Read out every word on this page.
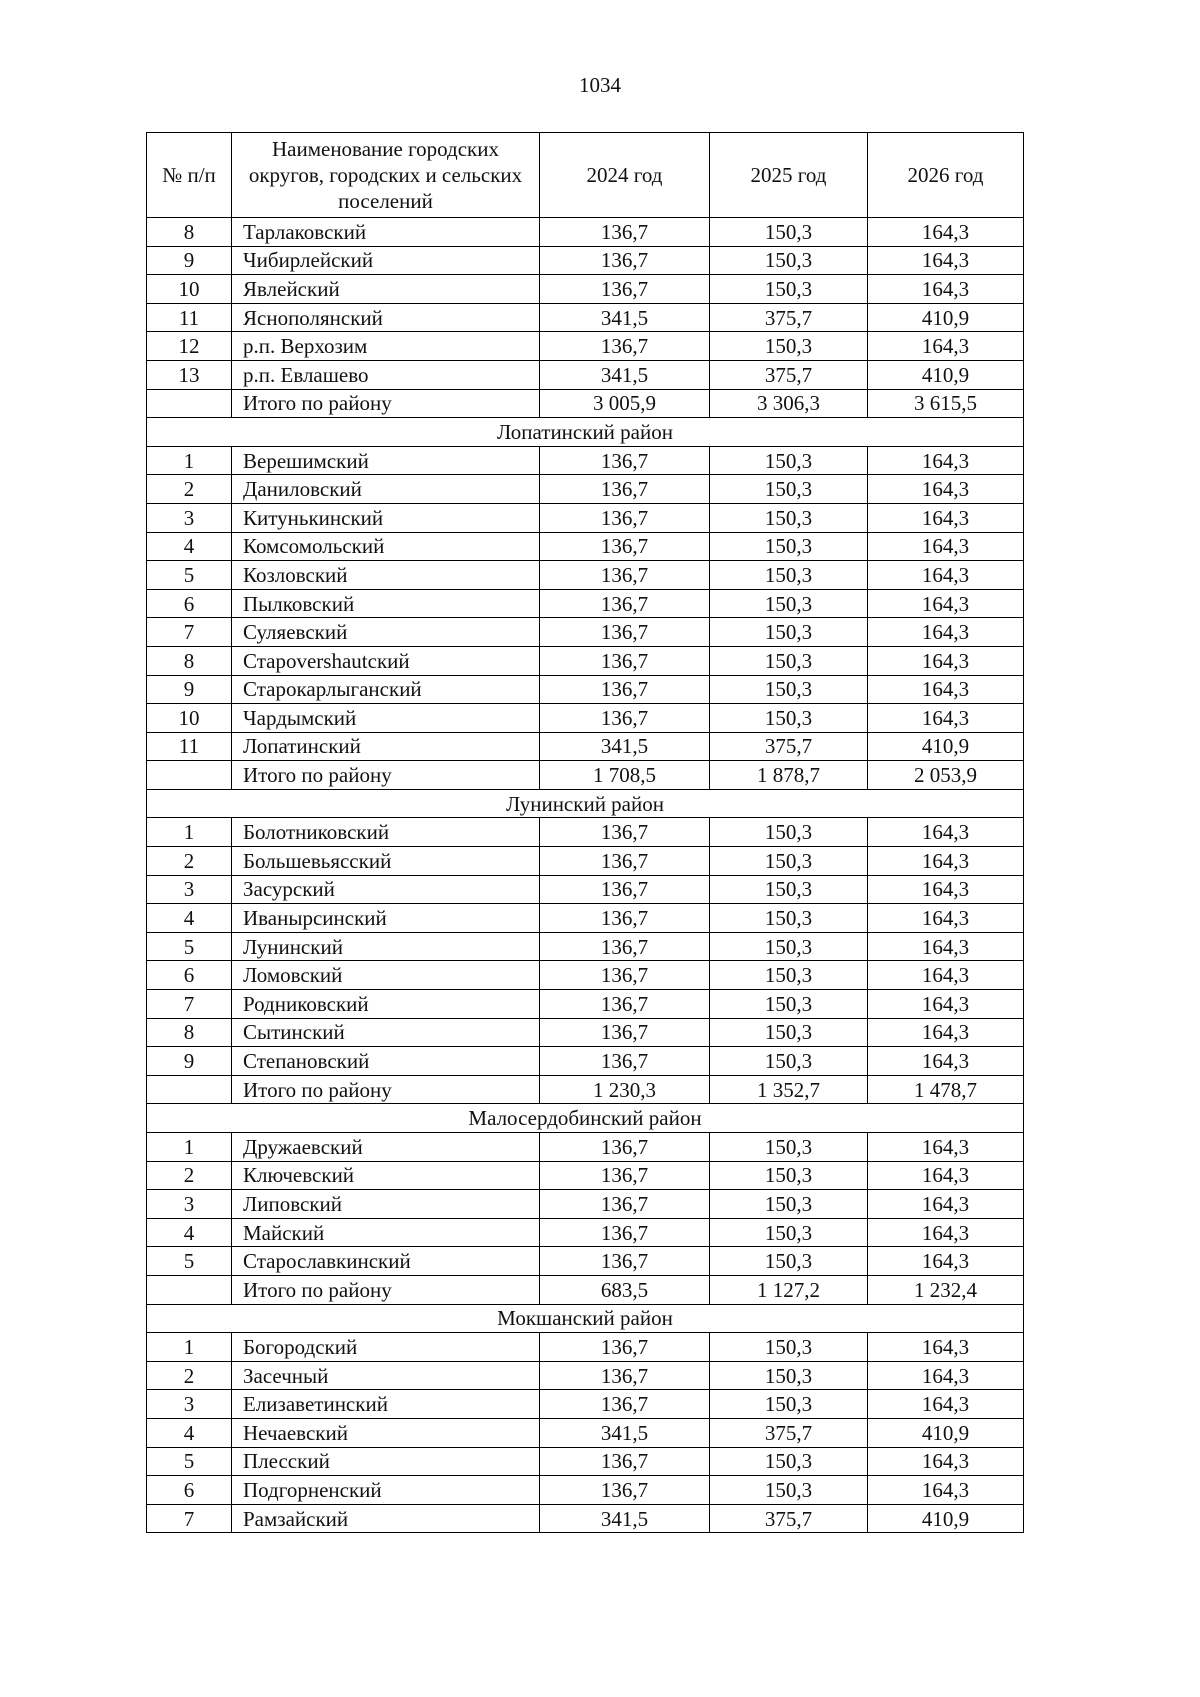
1034
№ п/п	Наименование городских округов, городских и сельских поселений	2024 год	2025 год	2026 год
8	Тарлаковский	136,7	150,3	164,3
9	Чибирлейский	136,7	150,3	164,3
10	Явлейский	136,7	150,3	164,3
11	Яснополянский	341,5	375,7	410,9
12	р.п. Верхозим	136,7	150,3	164,3
13	р.п. Евлашево	341,5	375,7	410,9
	Итого по району	3 005,9	3 306,3	3 615,5
Лопатинский район				
1	Верешимский	136,7	150,3	164,3
2	Даниловский	136,7	150,3	164,3
3	Китунькинский	136,7	150,3	164,3
4	Комсомольский	136,7	150,3	164,3
5	Козловский	136,7	150,3	164,3
6	Пылковский	136,7	150,3	164,3
7	Суляевский	136,7	150,3	164,3
8	Староvershautский	136,7	150,3	164,3
9	Старокарлыганский	136,7	150,3	164,3
10	Чардымский	136,7	150,3	164,3
11	Лопатинский	341,5	375,7	410,9
	Итого по району	1 708,5	1 878,7	2 053,9
Лунинский район				
1	Болотниковский	136,7	150,3	164,3
2	Большевьясский	136,7	150,3	164,3
3	Засурский	136,7	150,3	164,3
4	Иванырсинский	136,7	150,3	164,3
5	Лунинский	136,7	150,3	164,3
6	Ломовский	136,7	150,3	164,3
7	Родниковский	136,7	150,3	164,3
8	Сытинский	136,7	150,3	164,3
9	Степановский	136,7	150,3	164,3
	Итого по району	1 230,3	1 352,7	1 478,7
Малосердобинский район				
1	Дружаевский	136,7	150,3	164,3
2	Ключевский	136,7	150,3	164,3
3	Липовский	136,7	150,3	164,3
4	Майский	136,7	150,3	164,3
5	Старославкинский	136,7	150,3	164,3
	Итого по району	683,5	1 127,2	1 232,4
Мокшанский район				
1	Богородский	136,7	150,3	164,3
2	Засечный	136,7	150,3	164,3
3	Елизаветинский	136,7	150,3	164,3
4	Нечаевский	341,5	375,7	410,9
5	Плесский	136,7	150,3	164,3
6	Подгорненский	136,7	150,3	164,3
7	Рамзайский	341,5	375,7	410,9
